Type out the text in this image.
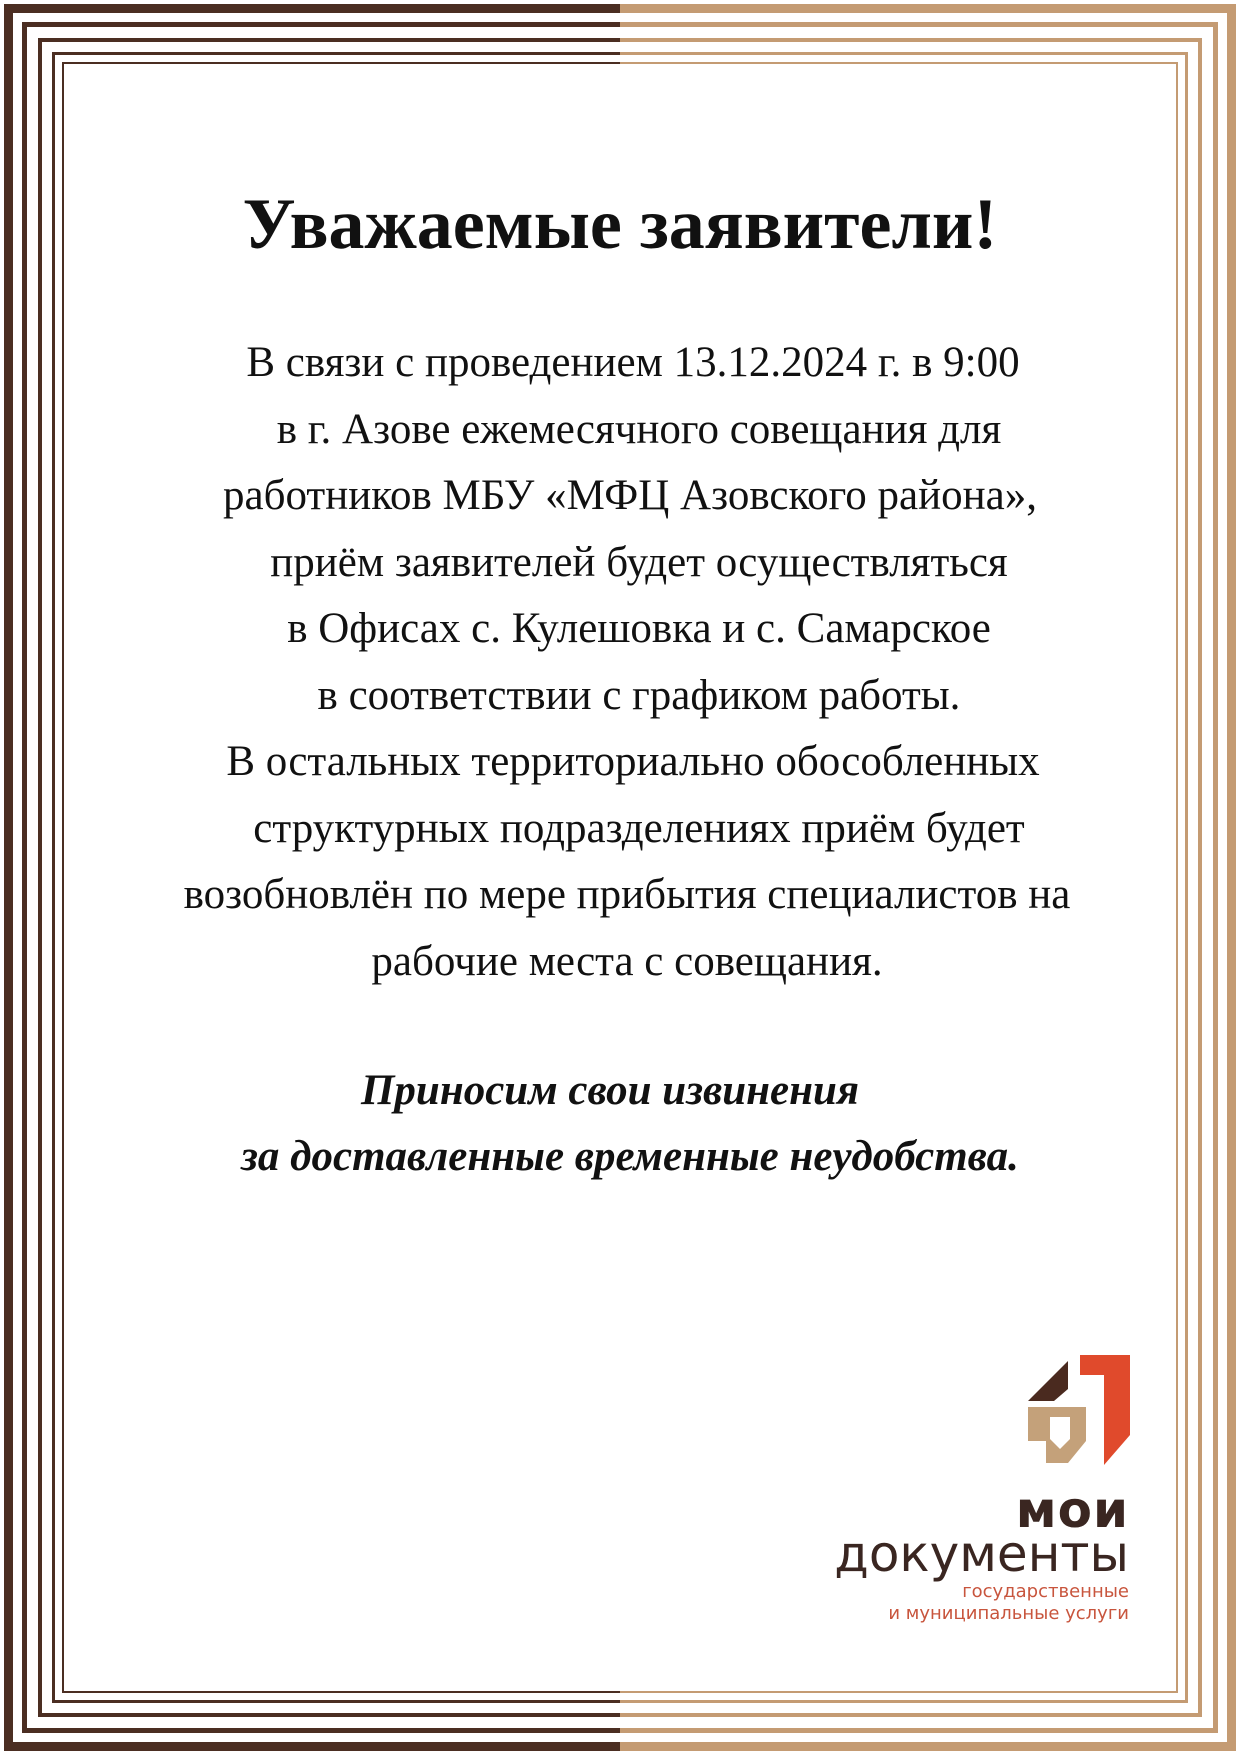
Уважаемые заявители!
В связи с проведением 13.12.2024 г. в 9:00
в г. Азове ежемесячного совещания для
работников МБУ «МФЦ Азовского района»,
приём заявителей будет осуществляться
в Офисах с. Кулешовка и с. Самарское
в соответствии с графиком работы.
В остальных территориально обособленных
структурных подразделениях приём будет
возобновлён по мере прибытия специалистов на
рабочие места с совещания.
Приносим свои извинения
за доставленные временные неудобства.
мои
документы
государственные
и муниципальные услуги
